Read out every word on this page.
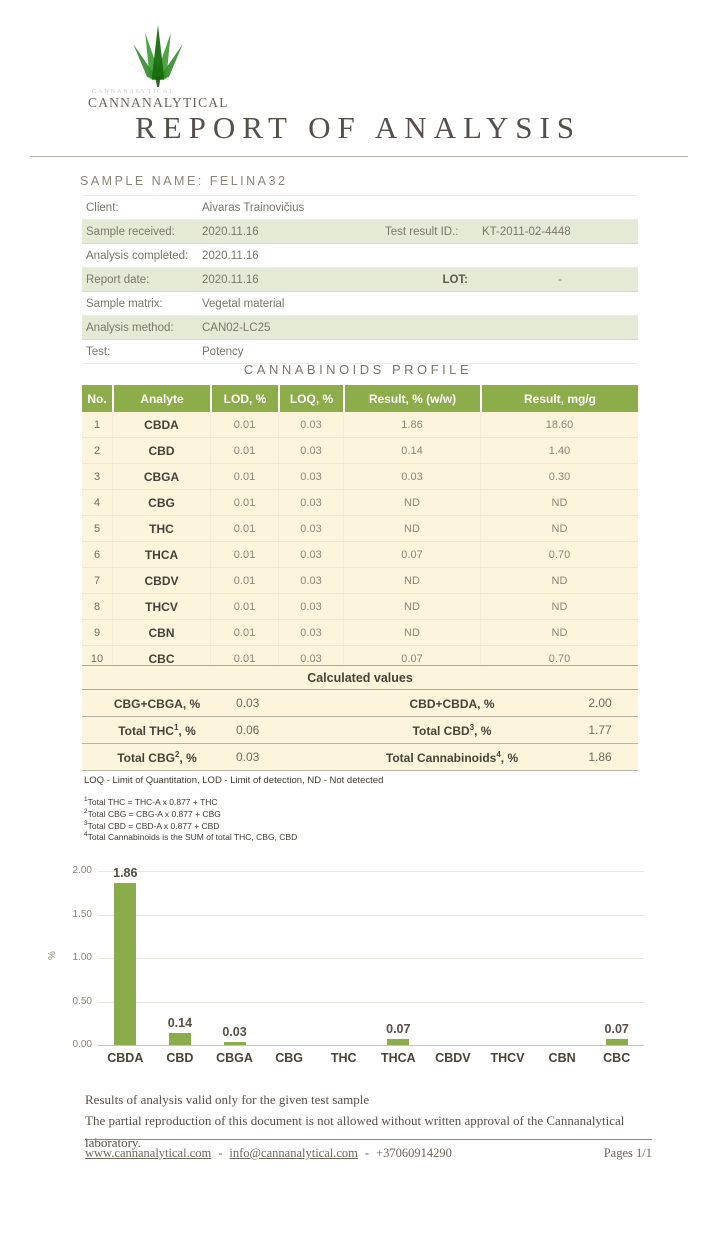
CANNANALYTICAL
CANNANALYTICAL
REPORT OF ANALYSIS
SAMPLE NAME: FELINA32
Client:	Aivaras Trainovičius
Sample received:	2020.11.16	Test result ID.:	KT-2011-02-4448
Analysis completed:	2020.11.16
Report date:	2020.11.16	LOT:	-
Sample matrix:	Vegetal material
Analysis method:	CAN02-LC25
Test:	Potency
CANNABINOIDS PROFILE
No.	Analyte	LOD, %	LOQ, %	Result, % (w/w)	Result, mg/g
1	CBDA	0.01	0.03	1.86	18.60
2	CBD	0.01	0.03	0.14	1.40
3	CBGA	0.01	0.03	0.03	0.30
4	CBG	0.01	0.03	ND	ND
5	THC	0.01	0.03	ND	ND
6	THCA	0.01	0.03	0.07	0.70
7	CBDV	0.01	0.03	ND	ND
8	THCV	0.01	0.03	ND	ND
9	CBN	0.01	0.03	ND	ND
10	CBC	0.01	0.03	0.07	0.70
Calculated values
CBG+CBGA, %	0.03	CBD+CBDA, %	2.00
Total THC$^1$, %	0.06	Total CBD$^3$, %	1.77
Total CBG$^2$, %	0.03	Total Cannabinoids$^4$, %	1.86

LOQ - Limit of Quantitation, LOD - Limit of detection, ND - Not detected

$^1$Total THC = THC-A x 0.877 + THC
$^2$Total CBG = CBG-A x 0.877 + CBG
$^3$Total CBD = CBD-A x 0.877 + CBD
$^4$Total Cannabinoids is the SUM of total THC, CBG, CBD
%
2.00
1.50
1.00
0.50
0.00
1.86
CBDA
0.14
CBD
0.03
CBGA	CBG	THC
0.07
THCA	CBDV	THCV	CBN
0.07
CBC
Results of analysis valid only for the given test sample
The partial reproduction of this document is not allowed without written approval of the Cannanalytical laboratory.
www.cannanalytical.com - info@cannanalytical.com - +37060914290	Pages 1/1
